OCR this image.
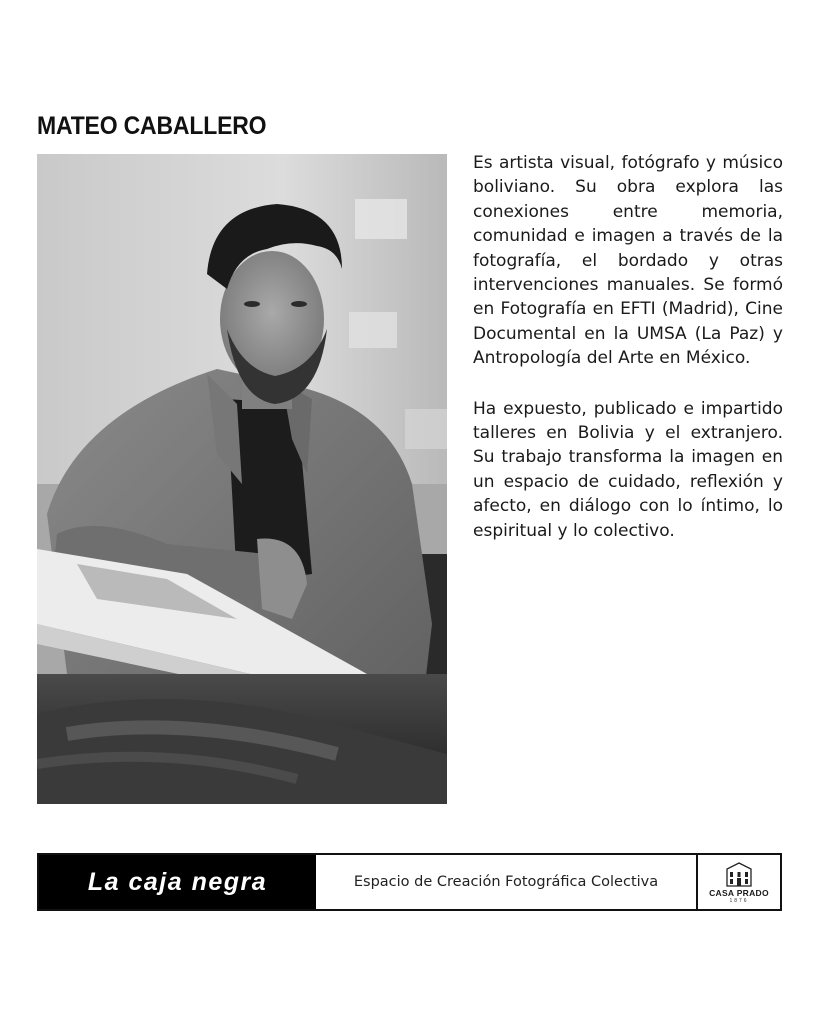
MATEO CABALLERO

Es artista visual, fotógrafo y músico boliviano. Su obra explora las conexiones entre memoria, comunidad e imagen a través de la fotografía, el bordado y otras intervenciones manuales. Se formó en Fotografía en EFTI (Madrid), Cine Documental en la UMSA (La Paz) y Antropología del Arte en México.

Ha expuesto, publicado e impartido talleres en Bolivia y el extranjero. Su trabajo transforma la imagen en un espacio de cuidado, reflexión y afecto, en diálogo con lo íntimo, lo espiritual y lo colectivo.

La caja negra	Espacio de Creación Fotográfica Colectiva
CASA PRADO
1876
